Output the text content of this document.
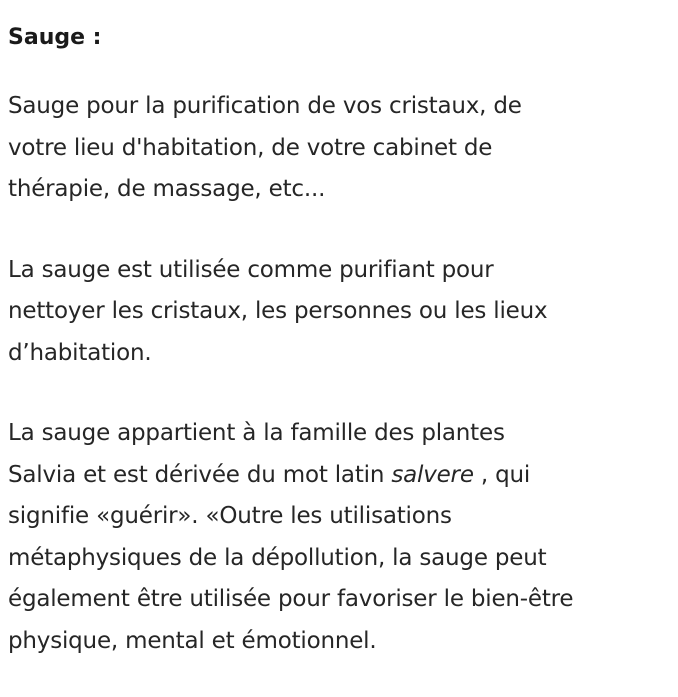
Sauge :

Sauge pour la purification de vos cristaux, de
votre lieu d'habitation, de votre cabinet de
thérapie, de massage, etc...

La sauge est utilisée comme purifiant pour
nettoyer les cristaux, les personnes ou les lieux
d’habitation.

La sauge appartient à la famille des plantes
Salvia et est dérivée du mot latin salvere , qui
signifie «guérir». «Outre les utilisations
métaphysiques de la dépollution, la sauge peut
également être utilisée pour favoriser le bien-être
physique, mental et émotionnel.
